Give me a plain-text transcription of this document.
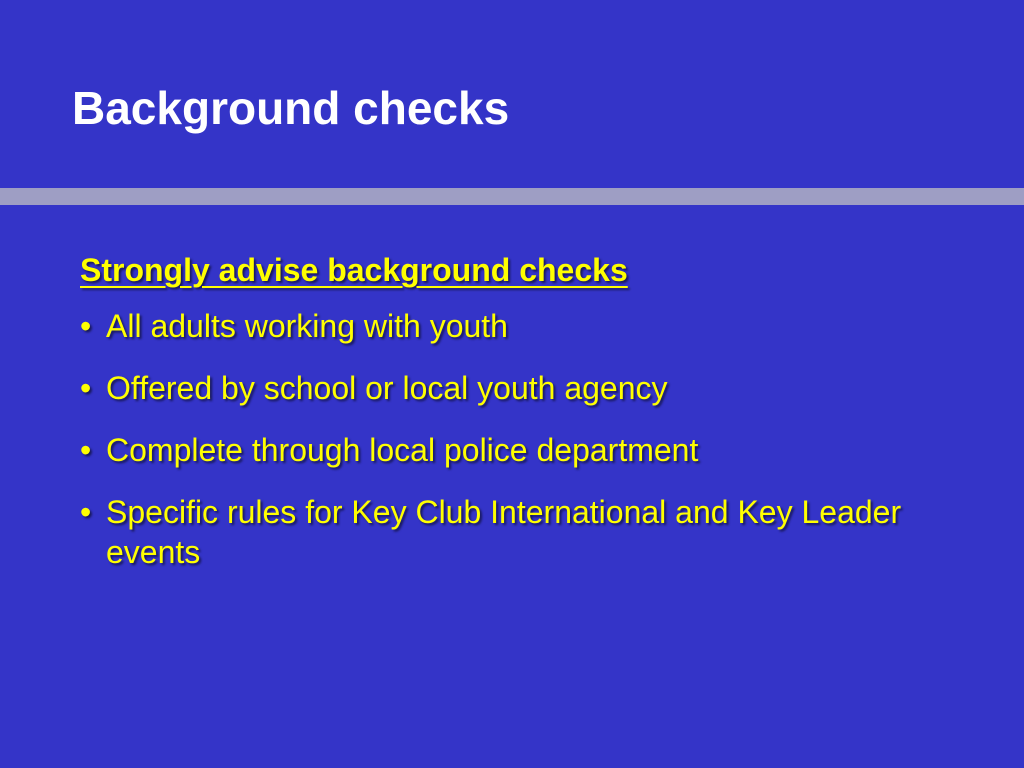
Background checks
Strongly advise background checks
• All adults working with youth
• Offered by school or local youth agency
• Complete through local police department
• Specific rules for Key Club International and Key Leader events
